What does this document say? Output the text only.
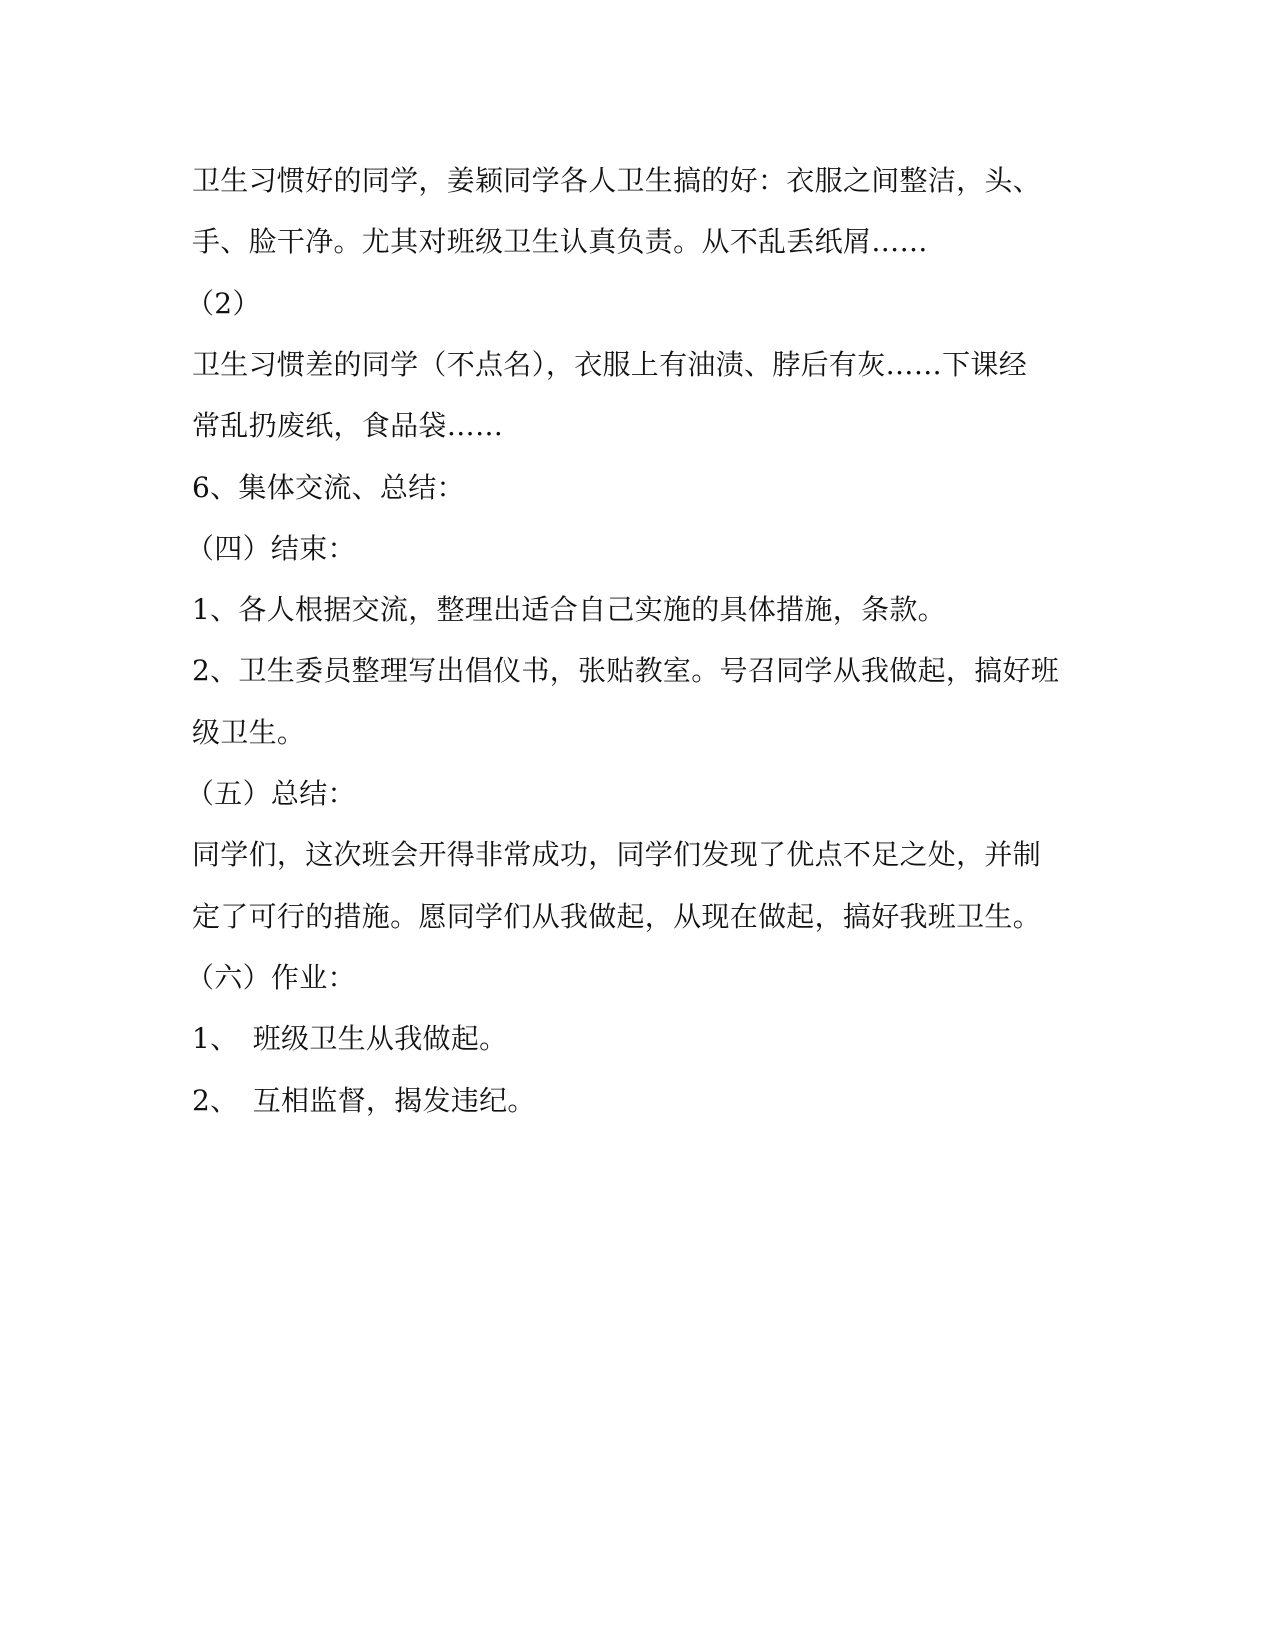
卫生习惯好的同学，姜颖同学各人卫生搞的好：衣服之间整洁，头、

手、脸干净。尤其对班级卫生认真负责。从不乱丢纸屑……

（2）

卫生习惯差的同学（不点名），衣服上有油渍、脖后有灰……下课经

常乱扔废纸，食品袋……

6、集体交流、总结：

（四）结束：

1、各人根据交流，整理出适合自己实施的具体措施，条款。

2、卫生委员整理写出倡仪书，张贴教室。号召同学从我做起，搞好班

级卫生。

（五）总结：

同学们，这次班会开得非常成功，同学们发现了优点不足之处，并制

定了可行的措施。愿同学们从我做起，从现在做起，搞好我班卫生。

（六）作业：

1、　班级卫生从我做起。

2、　互相监督，揭发违纪。
